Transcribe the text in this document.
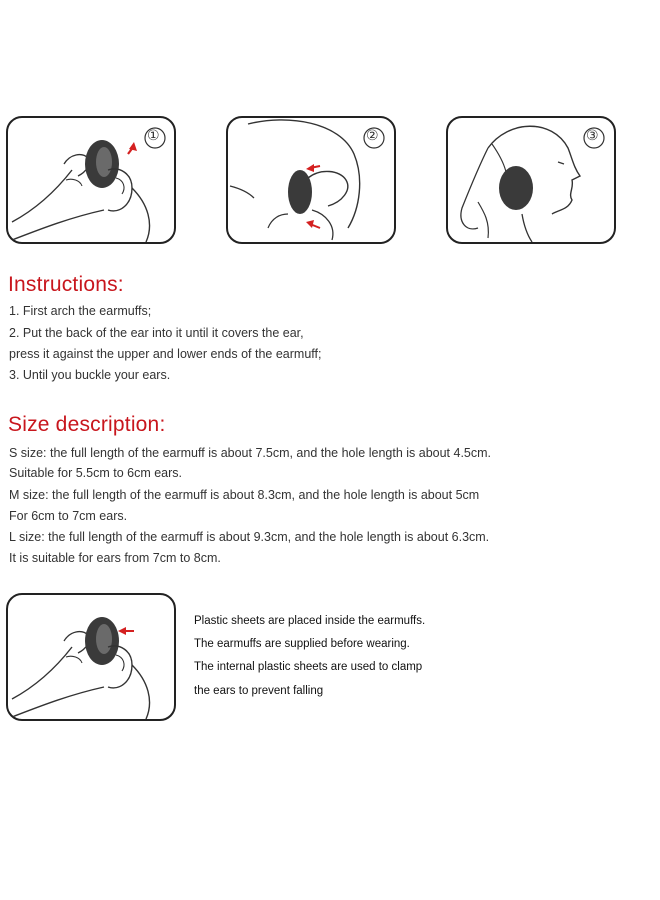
①	②	③
Instructions:
1. First arch the earmuffs;
2. Put the back of the ear into it until it covers the ear,
press it against the upper and lower ends of the earmuff;
3. Until you buckle your ears.
Size description:
S size: the full length of the earmuff is about 7.5cm, and the hole length is about 4.5cm.
Suitable for 5.5cm to 6cm ears.
M size: the full length of the earmuff is about 8.3cm, and the hole length is about 5cm
For 6cm to 7cm ears.
L size: the full length of the earmuff is about 9.3cm, and the hole length is about 6.3cm.
It is suitable for ears from 7cm to 8cm.
Plastic sheets are placed inside the earmuffs.
The earmuffs are supplied before wearing.
The internal plastic sheets are used to clamp
the ears to prevent falling
